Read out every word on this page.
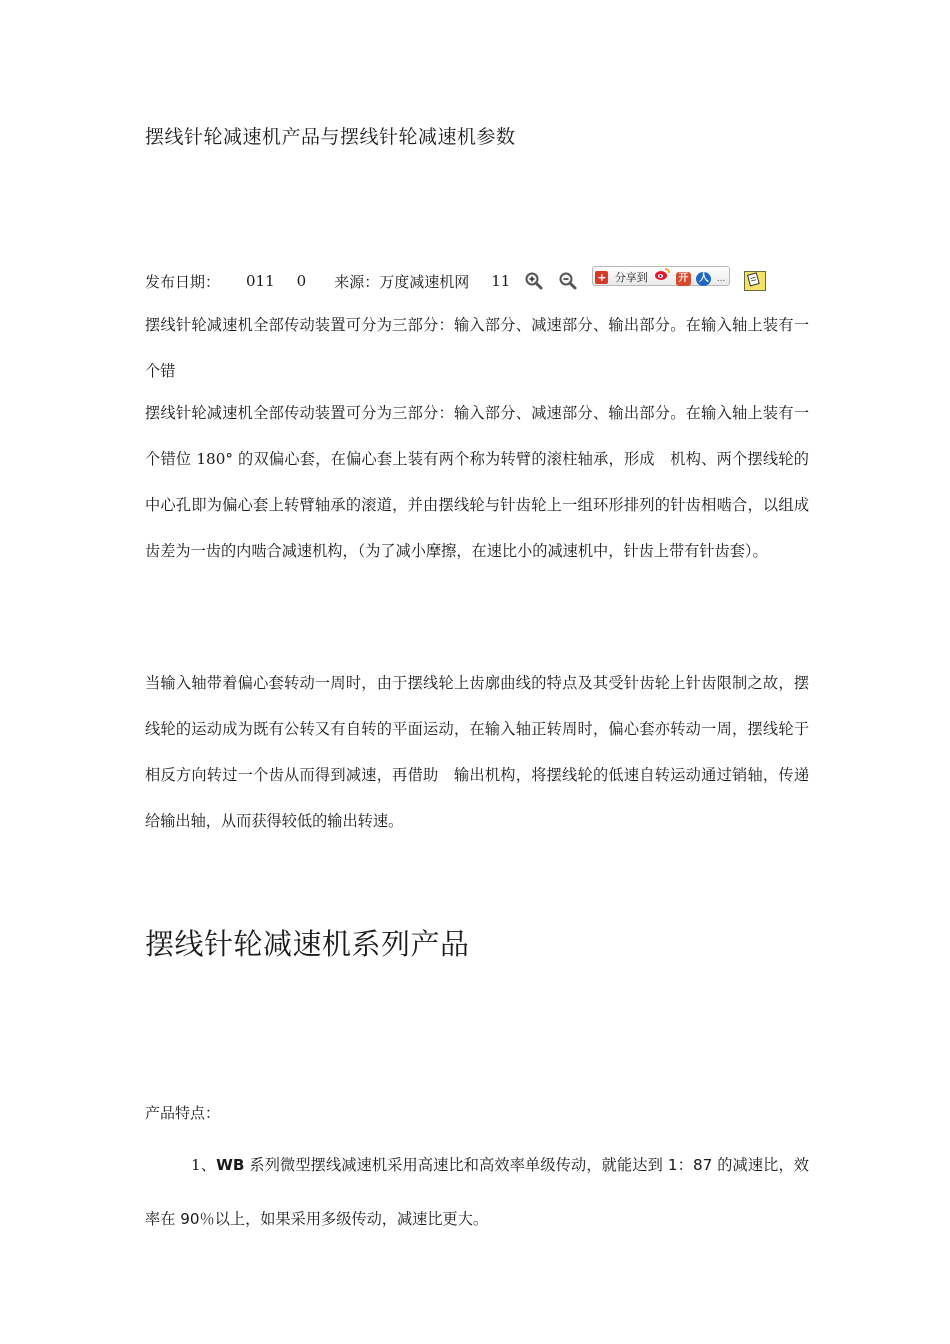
摆线针轮减速机产品与摆线针轮减速机参数
发布日期： 011 0 来源：万度减速机网 11	+ 分享到	开 人 ...
摆线针轮减速机全部传动装置可分为三部分：输入部分、减速部分、输出部分。在输入轴上装有一个错
摆线针轮减速机全部传动装置可分为三部分：输入部分、减速部分、输出部分。在输入轴上装有一个错位 180° 的双偏心套，在偏心套上装有两个称为转臂的滚柱轴承，形成　机构、两个摆线轮的中心孔即为偏心套上转臂轴承的滚道，并由摆线轮与针齿轮上一组环形排列的针齿相啮合，以组成齿差为一齿的内啮合减速机构，（为了减小摩擦，在速比小的减速机中，针齿上带有针齿套）。
当输入轴带着偏心套转动一周时，由于摆线轮上齿廓曲线的特点及其受针齿轮上针齿限制之故，摆线轮的运动成为既有公转又有自转的平面运动，在输入轴正转周时，偏心套亦转动一周，摆线轮于相反方向转过一个齿从而得到减速，再借助　输出机构，将摆线轮的低速自转运动通过销轴，传递给输出轴，从而获得较低的输出转速。
摆线针轮减速机系列产品
产品特点：
1、WB 系列微型摆线减速机采用高速比和高效率单级传动，就能达到 1：87 的减速比，效率在 90％以上，如果采用多级传动，减速比更大。
